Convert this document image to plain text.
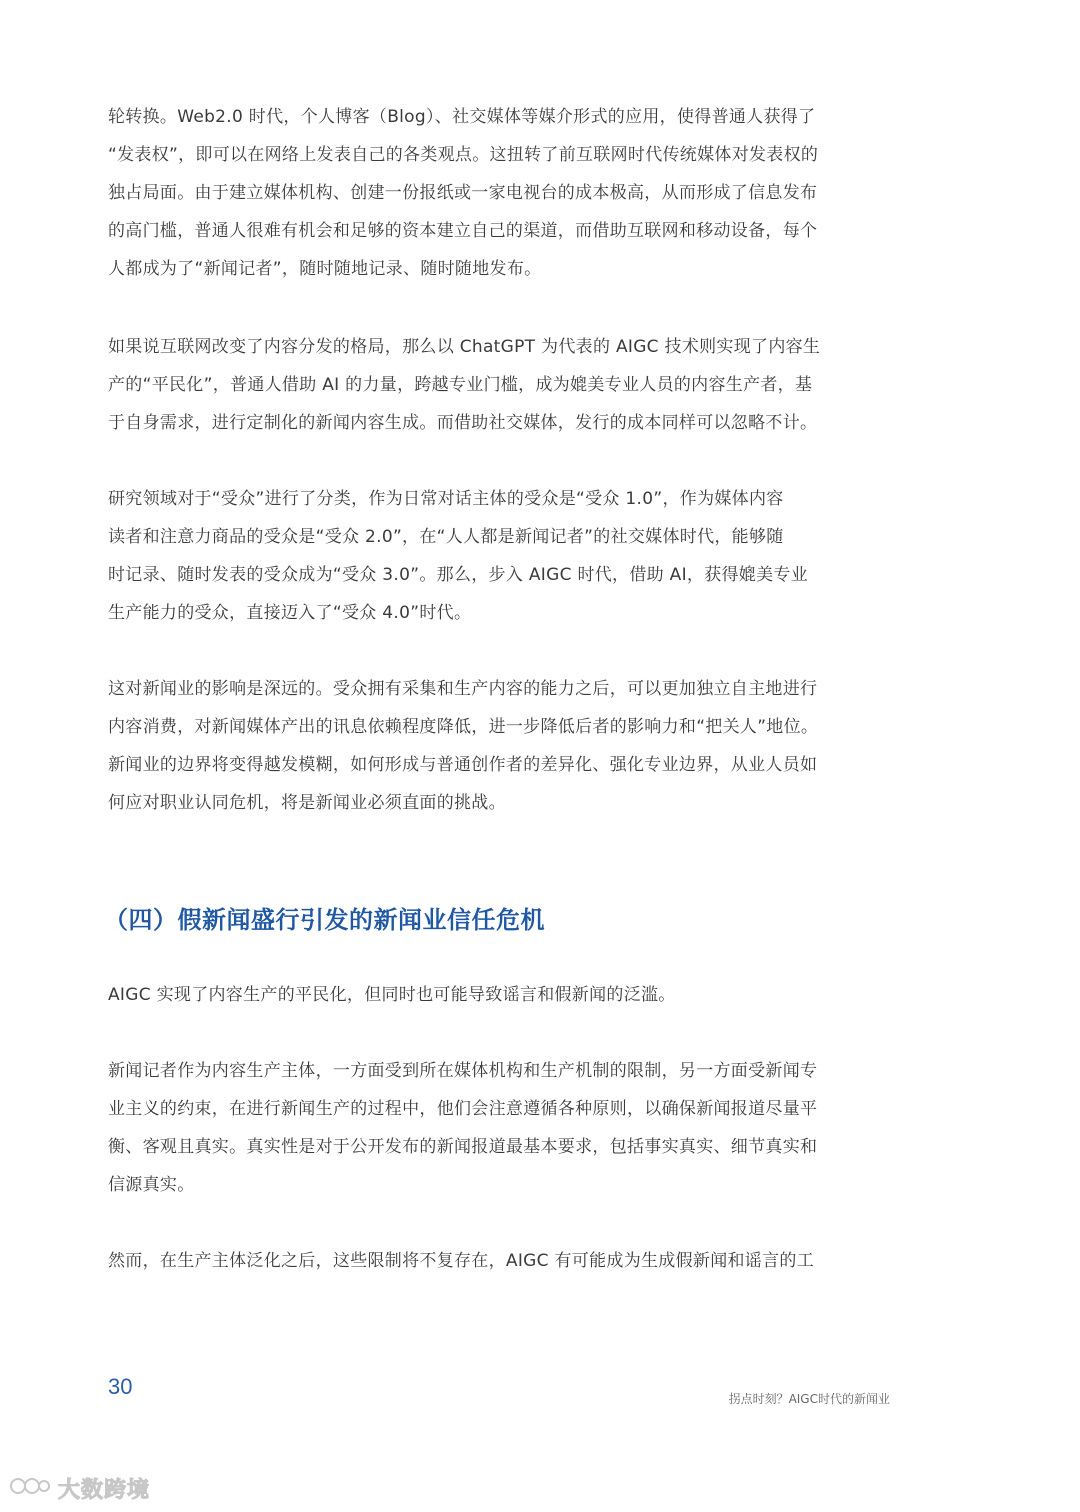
轮转换。Web2.0 时代，个人博客（Blog）、社交媒体等媒介形式的应用，使得普通人获得了
“发表权”，即可以在网络上发表自己的各类观点。这扭转了前互联网时代传统媒体对发表权的
独占局面。由于建立媒体机构、创建一份报纸或一家电视台的成本极高，从而形成了信息发布
的高门槛，普通人很难有机会和足够的资本建立自己的渠道，而借助互联网和移动设备，每个
人都成为了“新闻记者”，随时随地记录、随时随地发布。
如果说互联网改变了内容分发的格局，那么以 ChatGPT 为代表的 AIGC 技术则实现了内容生
产的“平民化”，普通人借助 AI 的力量，跨越专业门槛，成为媲美专业人员的内容生产者，基
于自身需求，进行定制化的新闻内容生成。而借助社交媒体，发行的成本同样可以忽略不计。
研究领域对于“受众”进行了分类，作为日常对话主体的受众是“受众 1.0”，作为媒体内容
读者和注意力商品的受众是“受众 2.0”，在“人人都是新闻记者”的社交媒体时代，能够随
时记录、随时发表的受众成为“受众 3.0”。那么，步入 AIGC 时代，借助 AI，获得媲美专业
生产能力的受众，直接迈入了“受众 4.0”时代。
这对新闻业的影响是深远的。受众拥有采集和生产内容的能力之后，可以更加独立自主地进行
内容消费，对新闻媒体产出的讯息依赖程度降低，进一步降低后者的影响力和“把关人”地位。
新闻业的边界将变得越发模糊，如何形成与普通创作者的差异化、强化专业边界，从业人员如
何应对职业认同危机，将是新闻业必须直面的挑战。
（四）假新闻盛行引发的新闻业信任危机
AIGC 实现了内容生产的平民化，但同时也可能导致谣言和假新闻的泛滥。
新闻记者作为内容生产主体，一方面受到所在媒体机构和生产机制的限制，另一方面受新闻专
业主义的约束，在进行新闻生产的过程中，他们会注意遵循各种原则，以确保新闻报道尽量平
衡、客观且真实。真实性是对于公开发布的新闻报道最基本要求，包括事实真实、细节真实和
信源真实。
然而，在生产主体泛化之后，这些限制将不复存在，AIGC 有可能成为生成假新闻和谣言的工
30	拐点时刻？AIGC时代的新闻业
大数跨境
